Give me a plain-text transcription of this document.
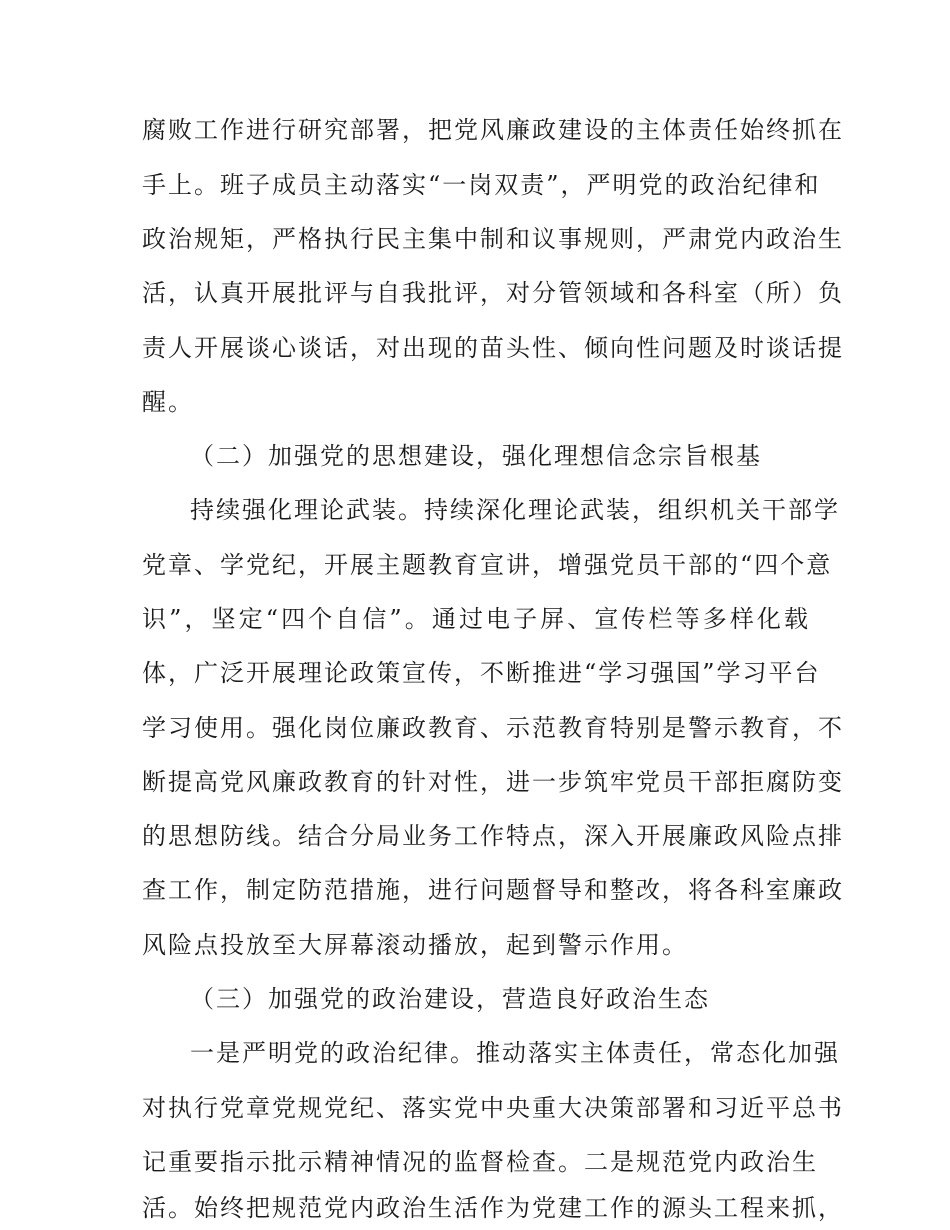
腐败工作进行研究部署，把党风廉政建设的主体责任始终抓在
手上。班子成员主动落实“一岗双责”，严明党的政治纪律和
政治规矩，严格执行民主集中制和议事规则，严肃党内政治生
活，认真开展批评与自我批评，对分管领域和各科室（所）负
责人开展谈心谈话，对出现的苗头性、倾向性问题及时谈话提
醒。
（二）加强党的思想建设，强化理想信念宗旨根基
持续强化理论武装。持续深化理论武装，组织机关干部学
党章、学党纪，开展主题教育宣讲，增强党员干部的“四个意
识”，坚定“四个自信”。通过电子屏、宣传栏等多样化载
体，广泛开展理论政策宣传，不断推进“学习强国”学习平台
学习使用。强化岗位廉政教育、示范教育特别是警示教育，不
断提高党风廉政教育的针对性，进一步筑牢党员干部拒腐防变
的思想防线。结合分局业务工作特点，深入开展廉政风险点排
查工作，制定防范措施，进行问题督导和整改，将各科室廉政
风险点投放至大屏幕滚动播放，起到警示作用。
（三）加强党的政治建设，营造良好政治生态
一是严明党的政治纪律。推动落实主体责任，常态化加强
对执行党章党规党纪、落实党中央重大决策部署和习近平总书
记重要指示批示精神情况的监督检查。二是规范党内政治生
活。始终把规范党内政治生活作为党建工作的源头工程来抓，
